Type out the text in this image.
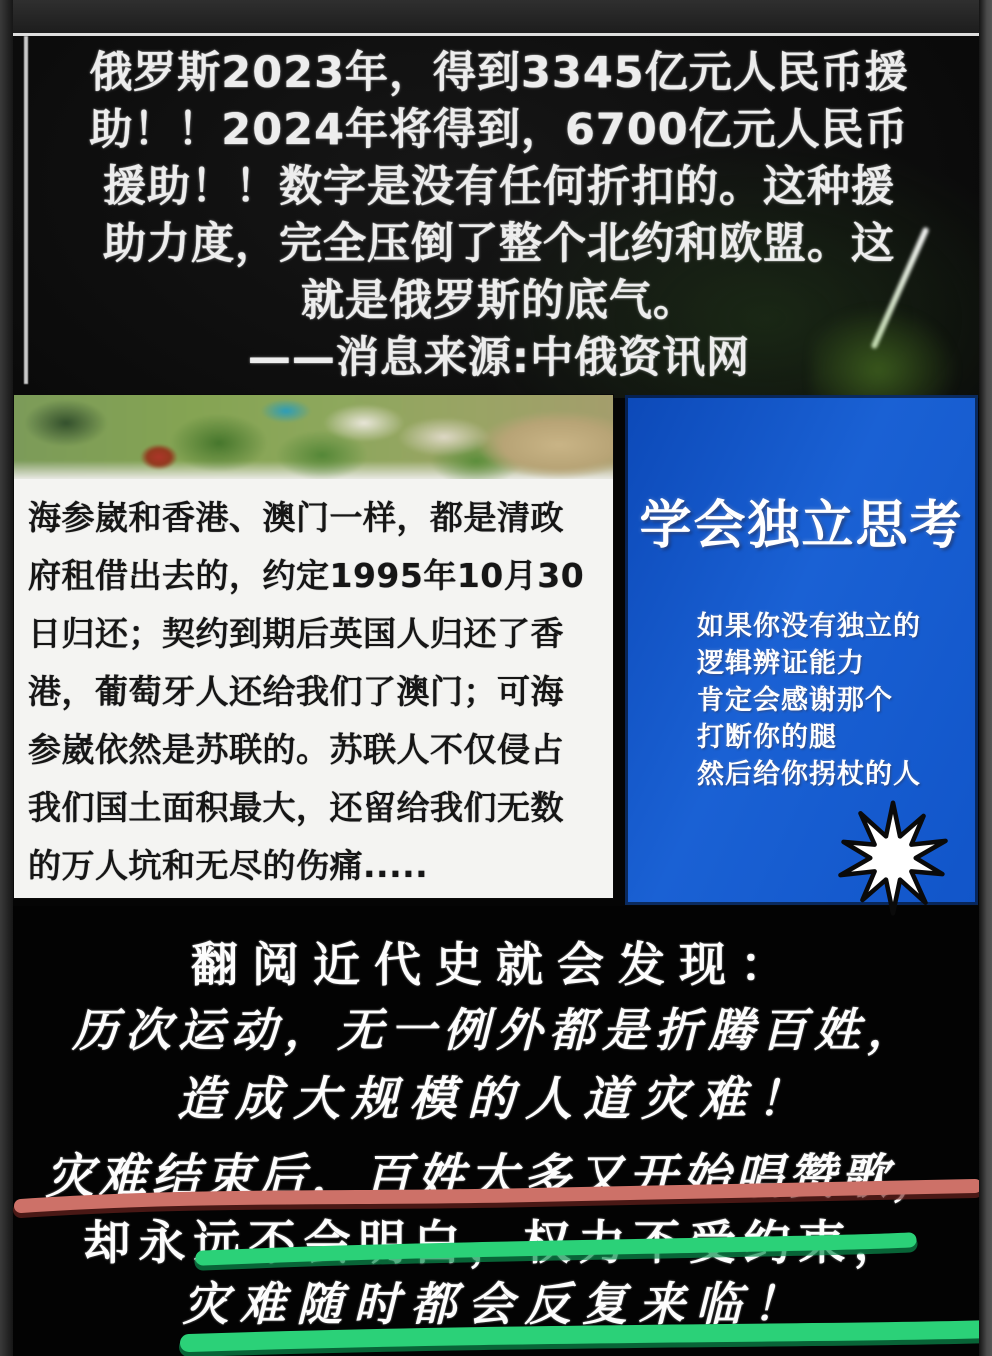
俄罗斯2023年，得到3345亿元人民币援
助！！2024年将得到，6700亿元人民币
援助！！数字是没有任何折扣的。这种援
助力度，完全压倒了整个北约和欧盟。这
就是俄罗斯的底气。
——消息来源:中俄资讯网
海参崴和香港、澳门一样，都是清政
府租借出去的，约定1995年10月30
日归还；契约到期后英国人归还了香
港，葡萄牙人还给我们了澳门；可海
参崴依然是苏联的。苏联人不仅侵占
我们国土面积最大，还留给我们无数
的万人坑和无尽的伤痛.....
学会独立思考
如果你没有独立的
逻辑辨证能力
肯定会感谢那个
打断你的腿
然后给你拐杖的人
翻阅近代史就会发现：
历次运动，无一例外都是折腾百姓，
造成大规模的人道灾难！
灾难结束后，百姓大多又开始唱赞歌，
却永远不会明白，权力不受约束，
灾难随时都会反复来临！
